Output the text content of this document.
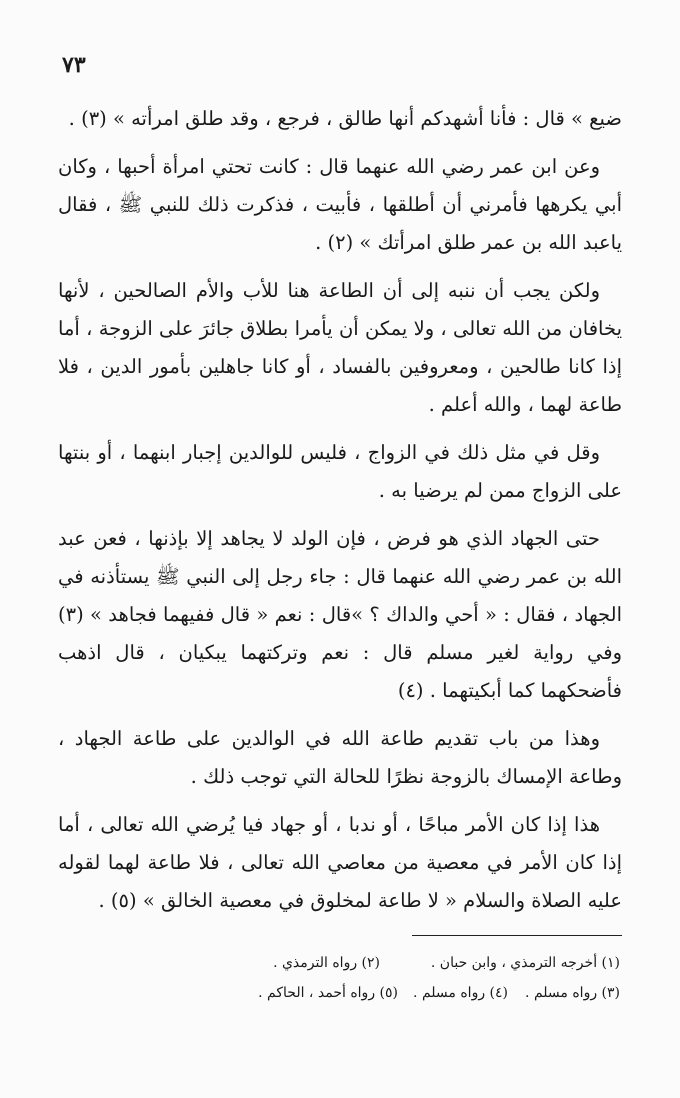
٧٣

ضيع » قال : فأنا أشهدكم أنها طالق ، فرجع ، وقد طلق امرأته » (٣) .

وعن ابن عمر رضي الله عنهما قال : كانت تحتي امرأة أحبها ، وكان أبي يكرهها فأمرني أن أطلقها ، فأبيت ، فذكرت ذلك للنبي ﷺ ، فقال ياعبد الله بن عمر طلق امرأتك » (٢) .

ولكن يجب أن ننبه إلى أن الطاعة هنا للأب والأم الصالحين ، لأنها يخافان من الله تعالى ، ولا يمكن أن يأمرا بطلاق جائرَ على الزوجة ، أما إذا كانا طالحين ، ومعروفين بالفساد ، أو كانا جاهلين بأمور الدين ، فلا طاعة لهما ، والله أعلم .

وقل في مثل ذلك في الزواج ، فليس للوالدين إجبار ابنهما ، أو بنتها على الزواج ممن لم يرضيا به .

حتى الجهاد الذي هو فرض ، فإن الولد لا يجاهد إلا بإذنها ، فعن عبد الله بن عمر رضي الله عنهما قال : جاء رجل إلى النبي ﷺ يستأذنه في الجهاد ، فقال : « أحي والداك ؟ »قال : نعم « قال ففيهما فجاهد » (٣) وفي رواية لغير مسلم قال : نعم وتركتهما يبكيان ، قال اذهب فأضحكهما كما أبكيتهما . (٤)

وهذا من باب تقديم طاعة الله في الوالدين على طاعة الجهاد ، وطاعة الإمساك بالزوجة نظرًا للحالة التي توجب ذلك .

هذا إذا كان الأمر مباحًا ، أو ندبا ، أو جهاد فيا يُرضي الله تعالى ، أما إذا كان الأمر في معصية من معاصي الله تعالى ، فلا طاعة لهما لقوله عليه الصلاة والسلام « لا طاعة لمخلوق في معصية الخالق » (٥) .

(١) أخرجه الترمذي ، وابن حبان .
(٢) رواه الترمذي .
(٣) رواه مسلم .
(٤) رواه مسلم .
(٥) رواه أحمد ، الحاكم .
